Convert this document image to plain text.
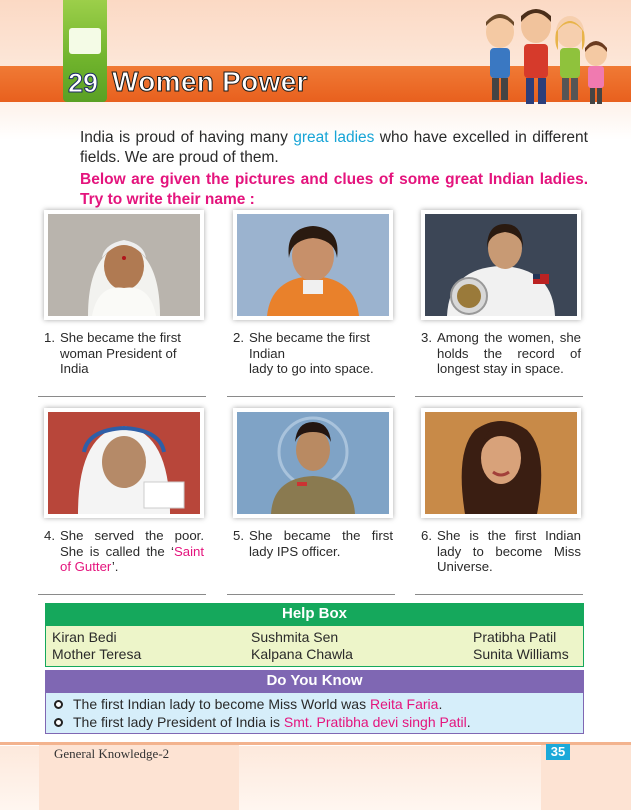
29 Women Power
India is proud of having many great ladies who have excelled in different fields. We are proud of them.
Below are given the pictures and clues of some great Indian ladies. Try to write their name :
1. She became the first woman President of India
2. She became the first Indian
lady to go into space.
3. Among the women, she holds the record of longest stay in space.
4. She served the poor. She is called the ‘Saint of Gutter’.
5. She became the first lady IPS officer.
6. She is the first Indian lady to become Miss Universe.
Help Box
Kiran Bedi	Sushmita Sen	Pratibha Patil
Mother Teresa	Kalpana Chawla	Sunita Williams
Do You Know
The first Indian lady to become Miss World was Reita Faria.
The first lady President of India is Smt. Pratibha devi singh Patil.
General Knowledge-2	35
